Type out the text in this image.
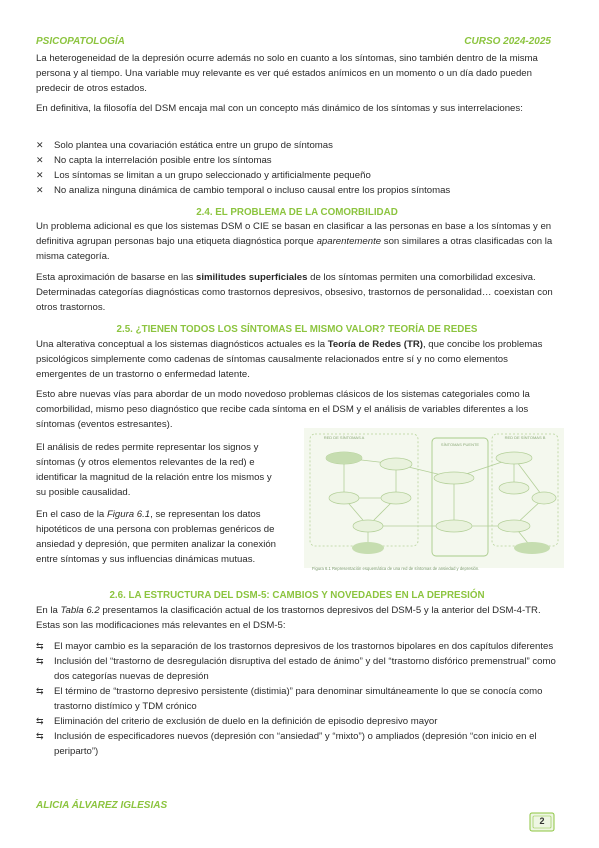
PSICOPATOLOGÍA	CURSO 2024-2025
La heterogeneidad de la depresión ocurre además no solo en cuanto a los síntomas, sino también dentro de la misma persona y al tiempo. Una variable muy relevante es ver qué estados anímicos en un momento o un día dado pueden predecir de otros estados.
En definitiva, la filosofía del DSM encaja mal con un concepto más dinámico de los síntomas y sus interrelaciones:
✕	Solo plantea una covariación estática entre un grupo de síntomas
✕	No capta la interrelación posible entre los síntomas
✕	Los síntomas se limitan a un grupo seleccionado y artificialmente pequeño
✕	No analiza ninguna dinámica de cambio temporal o incluso causal entre los propios síntomas
2.4. EL PROBLEMA DE LA COMORBILIDAD
Un problema adicional es que los sistemas DSM o CIE se basan en clasificar a las personas en base a los síntomas y en definitiva agrupan personas bajo una etiqueta diagnóstica porque aparentemente son similares a otras clasificadas con la misma categoría.
Esta aproximación de basarse en las similitudes superficiales de los síntomas permiten una comorbilidad excesiva. Determinadas categorías diagnósticas como trastornos depresivos, obsesivo, trastornos de personalidad… coexistan con otros trastornos.
2.5. ¿TIENEN TODOS LOS SÍNTOMAS EL MISMO VALOR? TEORÍA DE REDES
Una alterativa conceptual a los sistemas diagnósticos actuales es la Teoría de Redes (TR), que concibe los problemas psicológicos simplemente como cadenas de síntomas causalmente relacionados entre sí y no como elementos emergentes de un trastorno o enfermedad latente.
Esto abre nuevas vías para abordar de un modo novedoso problemas clásicos de los sistemas categoriales como la comorbilidad, mismo peso diagnóstico que recibe cada síntoma en el DSM y el análisis de variables diferentes a los síntomas (eventos estresantes).
El análisis de redes permite representar los signos y síntomas (y otros elementos relevantes de la red) e identificar la magnitud de la relación entre los mismos y su posible causalidad.
En el caso de la Figura 6.1, se representan los datos hipotéticos de una persona con problemas genéricos de ansiedad y depresión, que permiten analizar la conexión entre síntomas y sus influencias dinámicas mutuas.
RED DE SÍNTOMAS A	RED DE SÍNTOMAS B
SÍNTOMAS PUENTE
Figura 6.1 Representación esquemática de una red de síntomas de ansiedad y depresión.
2.6. LA ESTRUCTURA DEL DSM-5: CAMBIOS Y NOVEDADES EN LA DEPRESIÓN
En la Tabla 6.2 presentamos la clasificación actual de los trastornos depresivos del DSM-5 y la anterior del DSM-4-TR. Estas son las modificaciones más relevantes en el DSM-5:
⇆	El mayor cambio es la separación de los trastornos depresivos de los trastornos bipolares en dos capítulos diferentes
⇆	Inclusión del “trastorno de desregulación disruptiva del estado de ánimo” y del “trastorno disfórico premenstrual” como dos categorías nuevas de depresión
⇆	El término de “trastorno depresivo persistente (distimia)” para denominar simultáneamente lo que se conocía como trastorno distímico y TDM crónico
⇆	Eliminación del criterio de exclusión de duelo en la definición de episodio depresivo mayor
⇆	Inclusión de especificadores nuevos (depresión con “ansiedad” y “mixto”) o ampliados (depresión “con inicio en el periparto”)
ALICIA ÁLVAREZ IGLESIAS
2
